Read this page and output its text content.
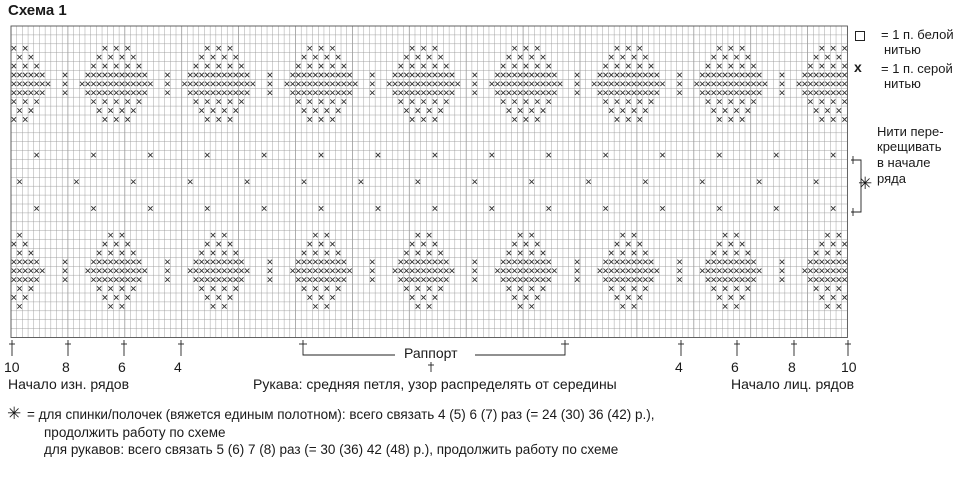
Схема 1
= 1 п. белой
нитью
x = 1 п. серой
нитью
Нити пере-
крещивать
в начале
✳ ряда
10	8	6	4	4	6	8	10
Раппорт
Начало изн. рядов	Рукава: средняя петля, узор распределять от середины	Начало лиц. рядов
✳ = для спинки/полочек (вяжется единым полотном): всего связать 4 (5) 6 (7) раз (= 24 (30) 36 (42) р.),
продолжить работу по схеме
для рукавов: всего связать 5 (6) 7 (8) раз (= 30 (36) 42 (48) р.), продолжить работу по схеме
